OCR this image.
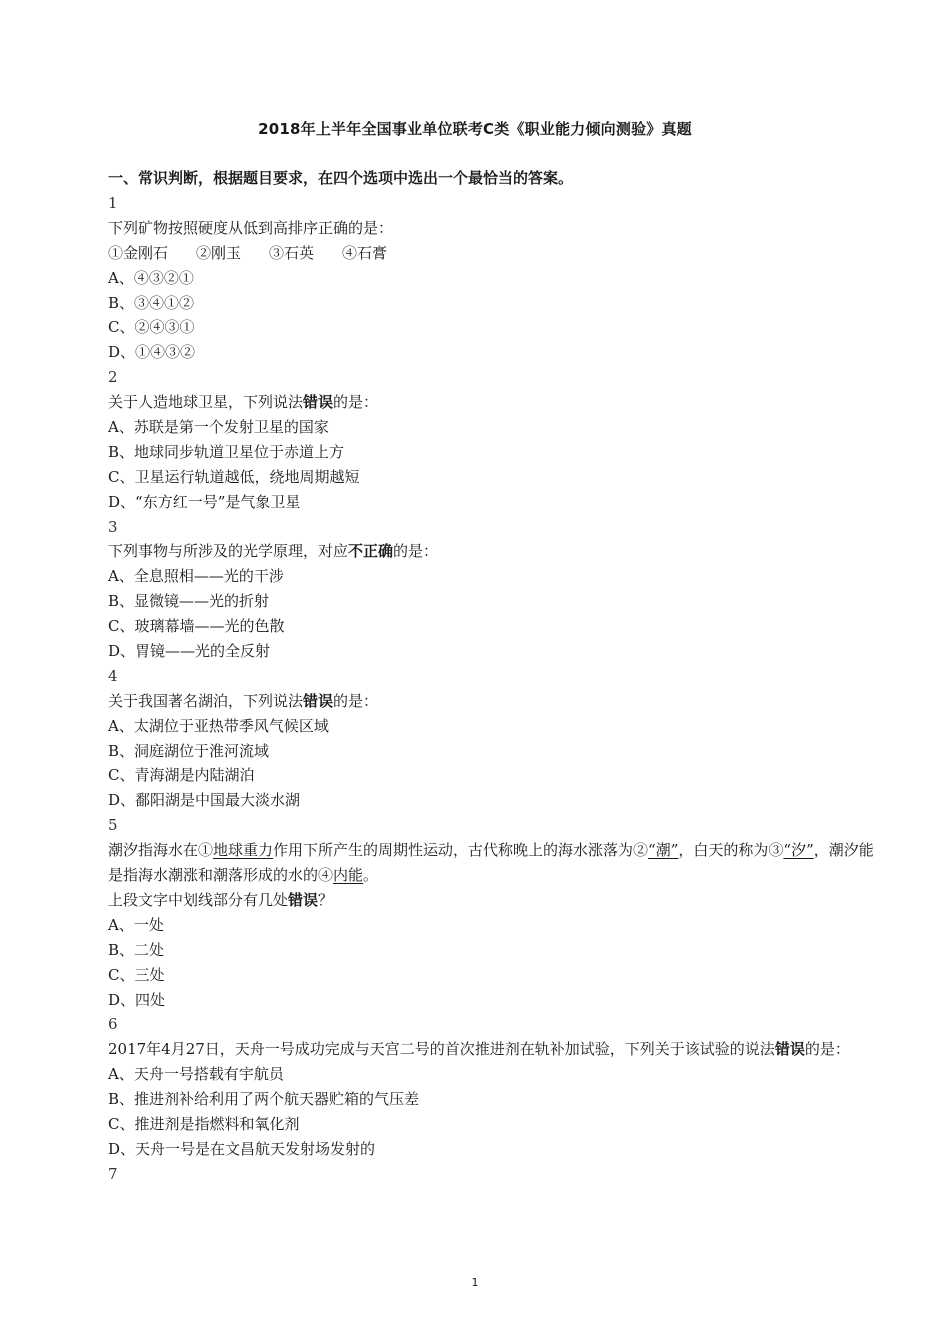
2018年上半年全国事业单位联考C类《职业能力倾向测验》真题
一、常识判断，根据题目要求，在四个选项中选出一个最恰当的答案。
1
下列矿物按照硬度从低到高排序正确的是：
①金刚石 ②刚玉 ③石英 ④石膏
A、④③②①
B、③④①②
C、②④③①
D、①④③②
2
关于人造地球卫星，下列说法错误的是：
A、苏联是第一个发射卫星的国家
B、地球同步轨道卫星位于赤道上方
C、卫星运行轨道越低，绕地周期越短
D、“东方红一号”是气象卫星
3
下列事物与所涉及的光学原理，对应不正确的是：
A、全息照相——光的干涉
B、显微镜——光的折射
C、玻璃幕墙——光的色散
D、胃镜——光的全反射
4
关于我国著名湖泊，下列说法错误的是：
A、太湖位于亚热带季风气候区域
B、洞庭湖位于淮河流域
C、青海湖是内陆湖泊
D、鄱阳湖是中国最大淡水湖
5
潮汐指海水在①地球重力作用下所产生的周期性运动，古代称晚上的海水涨落为②“潮”，白天的称为③“汐”，潮汐能是指海水潮涨和潮落形成的水的④内能。
上段文字中划线部分有几处错误？
A、一处
B、二处
C、三处
D、四处
6
2017年4月27日，天舟一号成功完成与天宫二号的首次推进剂在轨补加试验，下列关于该试验的说法错误的是：
A、天舟一号搭载有宇航员
B、推进剂补给利用了两个航天器贮箱的气压差
C、推进剂是指燃料和氧化剂
D、天舟一号是在文昌航天发射场发射的
7
1
